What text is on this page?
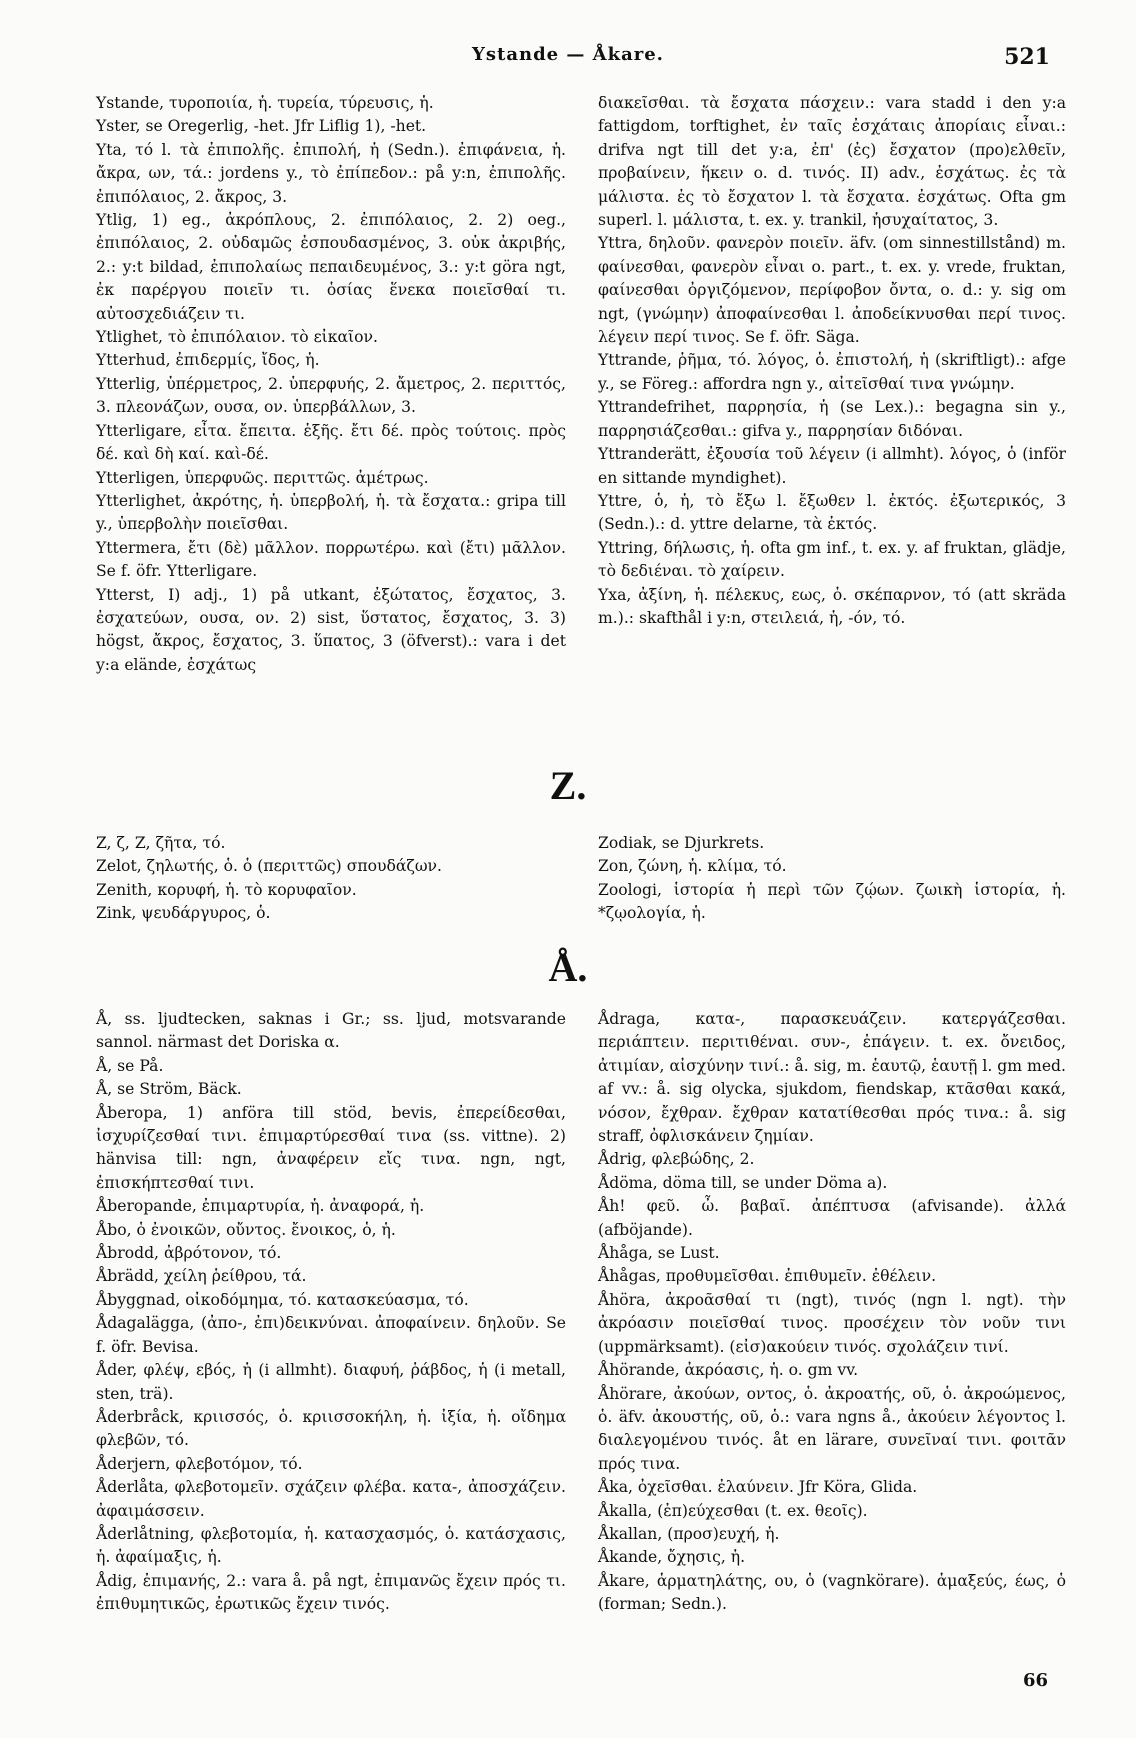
Ystande — Åkare.	521

Ystande, τυροποιία, ἡ. τυρεία, τύρευσις, ἡ.

Yster, se Oregerlig, -het. Jfr Liflig 1), -het.

Yta, τό l. τὰ ἐπιπολῆς. ἐπιπολή, ἡ (Sedn.). ἐπιφάνεια, ἡ. ἄκρα, ων, τά.: jordens y., τὸ ἐπίπεδον.: på y:n, ἐπιπολῆς. ἐπιπόλαιος, 2. ἄκρος, 3.

Ytlig, 1) eg., ἀκρόπλους, 2. ἐπιπόλαιος, 2. 2) oeg., ἐπιπόλαιος, 2. οὐδαμῶς ἐσπουδασμένος, 3. οὐκ ἀκριβής, 2.: y:t bildad, ἐπιπολαίως πεπαιδευμένος, 3.: y:t göra ngt, ἐκ παρέργου ποιεῖν τι. ὁσίας ἕνεκα ποιεῖσθαί τι. αὐτοσχεδιάζειν τι.

Ytlighet, τὸ ἐπιπόλαιον. τὸ εἰκαῖον.

Ytterhud, ἐπιδερμίς, ἴδος, ἡ.

Ytterlig, ὑπέρμετρος, 2. ὑπερφυής, 2. ἄμετρος, 2. περιττός, 3. πλεονάζων, ουσα, ον. ὑπερβάλλων, 3.

Ytterligare, εἶτα. ἔπειτα. ἑξῆς. ἔτι δέ. πρὸς τούτοις. πρὸς δέ. καὶ δὴ καί. καὶ-δέ.

Ytterligen, ὑπερφυῶς. περιττῶς. ἀμέτρως.

Ytterlighet, ἀκρότης, ἡ. ὑπερβολή, ἡ. τὰ ἔσχατα.: gripa till y., ὑπερβολὴν ποιεῖσθαι.

Yttermera, ἔτι (δὲ) μᾶλλον. πορρωτέρω. καὶ (ἔτι) μᾶλλον. Se f. öfr. Ytterligare.

Ytterst, I) adj., 1) på utkant, ἐξώτατος, ἔσχατος, 3. ἐσχατεύων, ουσα, ον. 2) sist, ὕστατος, ἔσχατος, 3. 3) högst, ἄκρος, ἔσχατος, 3. ὕπατος, 3 (öfverst).: vara i det y:a elände, ἐσχάτως

διακεῖσθαι. τὰ ἔσχατα πάσχειν.: vara stadd i den y:a fattigdom, torftighet, ἐν ταῖς ἐσχάταις ἀπορίαις εἶναι.: drifva ngt till det y:a, ἐπ' (ἐς) ἔσχατον (προ)ελθεῖν, προβαίνειν, ἥκειν o. d. τινός. II) adv., ἐσχάτως. ἐς τὰ μάλιστα. ἐς τὸ ἔσχατον l. τὰ ἔσχατα. ἐσχάτως. Ofta gm superl. l. μάλιστα, t. ex. y. trankil, ἡσυχαίτατος, 3.

Yttra, δηλοῦν. φανερὸν ποιεῖν. äfv. (om sinnestillstånd) m. φαίνεσθαι, φανερὸν εἶναι o. part., t. ex. y. vrede, fruktan, φαίνεσθαι ὀργιζόμενον, περίφοβον ὄντα, o. d.: y. sig om ngt, (γνώμην) ἀποφαίνεσθαι l. ἀποδείκνυσθαι περί τινος. λέγειν περί τινος. Se f. öfr. Säga.

Yttrande, ῥῆμα, τό. λόγος, ὁ. ἐπιστολή, ἡ (skriftligt).: afge y., se Föreg.: affordra ngn y., αἰτεῖσθαί τινα γνώμην.

Yttrandefrihet, παρρησία, ἡ (se Lex.).: begagna sin y., παρρησιάζεσθαι.: gifva y., παρρησίαν διδόναι.

Yttranderätt, ἐξουσία τοῦ λέγειν (i allmht). λόγος, ὁ (inför en sittande myndighet).

Yttre, ὁ, ἡ, τὸ ἔξω l. ἔξωθεν l. ἐκτός. ἐξωτερικός, 3 (Sedn.).: d. yttre delarne, τὰ ἐκτός.

Yttring, δήλωσις, ἡ. ofta gm inf., t. ex. y. af fruktan, glädje, τὸ δεδιέναι. τὸ χαίρειν.

Yxa, ἀξίνη, ἡ. πέλεκυς, εως, ὁ. σκέπαρνον, τό (att skräda m.).: skafthål i y:n, στειλειά, ἡ, -όν, τό.

Z.

Z, ζ, Ζ, ζῆτα, τό.

Zelot, ζηλωτής, ὁ. ὁ (περιττῶς) σπουδάζων.

Zenith, κορυφή, ἡ. τὸ κορυφαῖον.

Zink, ψευδάργυρος, ὁ.

Zodiak, se Djurkrets.

Zon, ζώνη, ἡ. κλίμα, τό.

Zoologi, ἱστορία ἡ περὶ τῶν ζῴων. ζωικὴ ἱστορία, ἡ. *ζῳολογία, ἡ.

Å.

Å, ss. ljudtecken, saknas i Gr.; ss. ljud, motsvarande sannol. närmast det Doriska α.

Å, se På.

Å, se Ström, Bäck.

Åberopa, 1) anföra till stöd, bevis, ἐπερείδεσθαι, ἰσχυρίζεσθαί τινι. ἐπιμαρτύρεσθαί τινα (ss. vittne). 2) hänvisa till: ngn, ἀναφέρειν εἴς τινα. ngn, ngt, ἐπισκήπτεσθαί τινι.

Åberopande, ἐπιμαρτυρία, ἡ. ἀναφορά, ἡ.

Åbo, ὁ ἐνοικῶν, οὔντος. ἔνοικος, ὁ, ἡ.

Åbrodd, ἀβρότονον, τό.

Åbrädd, χείλη ῥείθρου, τά.

Åbyggnad, οἰκοδόμημα, τό. κατασκεύασμα, τό.

Ådagalägga, (ἀπο-, ἐπι)δεικνύναι. ἀποφαίνειν. δηλοῦν. Se f. öfr. Bevisa.

Åder, φλέψ, εβός, ἡ (i allmht). διαφυή, ῥάβδος, ἡ (i metall, sten, trä).

Åderbråck, κριισσός, ὁ. κριισσοκήλη, ἡ. ἰξία, ἡ. οἴδημα φλεβῶν, τό.

Åderjern, φλεβοτόμον, τό.

Åderlåta, φλεβοτομεῖν. σχάζειν φλέβα. κατα-, ἀποσχάζειν. ἀφαιμάσσειν.

Åderlåtning, φλεβοτομία, ἡ. κατασχασμός, ὁ. κατάσχασις, ἡ. ἀφαίμαξις, ἡ.

Ådig, ἐπιμανής, 2.: vara å. på ngt, ἐπιμανῶς ἔχειν πρός τι. ἐπιθυμητικῶς, ἐρωτικῶς ἔχειν τινός.

Ådraga, κατα-, παρασκευάζειν. κατεργάζεσθαι. περιάπτειν. περιτιθέναι. συν-, ἐπάγειν. t. ex. ὄνειδος, ἀτιμίαν, αἰσχύνην τινί.: å. sig, m. ἑαυτῷ, ἑαυτῇ l. gm med. af vv.: å. sig olycka, sjukdom, fiendskap, κτᾶσθαι κακά, νόσον, ἔχθραν. ἔχθραν κατατίθεσθαι πρός τινα.: å. sig straff, ὀφλισκάνειν ζημίαν.

Ådrig, φλεβώδης, 2.

Ådöma, döma till, se under Döma a).

Åh! φεῦ. ὦ. βαβαῖ. ἀπέπτυσα (afvisande). ἀλλά (afböjande).

Åhåga, se Lust.

Åhågas, προθυμεῖσθαι. ἐπιθυμεῖν. ἐθέλειν.

Åhöra, ἀκροᾶσθαί τι (ngt), τινός (ngn l. ngt). τὴν ἀκρόασιν ποιεῖσθαί τινος. προσέχειν τὸν νοῦν τινι (uppmärksamt). (εἰσ)ακούειν τινός. σχολάζειν τινί.

Åhörande, ἀκρόασις, ἡ. o. gm vv.

Åhörare, ἀκούων, οντος, ὁ. ἀκροατής, οῦ, ὁ. ἀκροώμενος, ὁ. äfv. ἀκουστής, οῦ, ὁ.: vara ngns å., ἀκούειν λέγοντος l. διαλεγομένου τινός. åt en lärare, συνεῖναί τινι. φοιτᾶν πρός τινα.

Åka, ὀχεῖσθαι. ἐλαύνειν. Jfr Köra, Glida.

Åkalla, (ἐπ)εύχεσθαι (t. ex. θεοῖς).

Åkallan, (προσ)ευχή, ἡ.

Åkande, ὄχησις, ἡ.

Åkare, ἁρματηλάτης, ου, ὁ (vagnkörare). ἁμαξεύς, έως, ὁ (forman; Sedn.).

66
